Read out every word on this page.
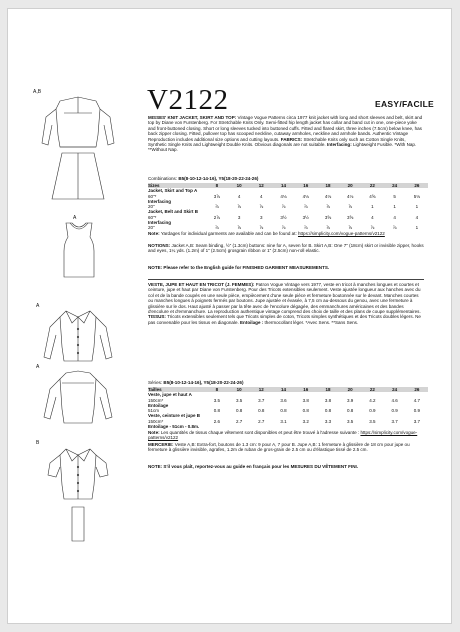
A,B
A
A
A
B
V2122	EASY/FACILE
MISSES' KNIT JACKET, SKIRT AND TOP: Vintage Vogue Patterns circa 1977 knit jacket with long and short sleeves and belt, skirt and top by Diane von Furstenberg. For Stretchable Knits Only. Semi-fitted hip length jacket has collar and band cut in one, one-piece yoke and front-buttoned closing. Short or long sleeves tucked into buttoned cuffs. Fitted and flared skirt, three inches (7.5cm) below knee, has back zipper closing. Fitted, pullover top has scooped neckline, cutaway armholes, neckline and armhole bands. Authentic Vintage Reproduction includes additional size options and cutting layouts. FABRICS: Stretchable Knits only such as Cotton Single Knits, Synthetic Single Knits and Lightweight Double Knits. Obvious diagonals are not suitable. Interfacing: Lightweight Fusible. *With Nap. **Without Nap.
Combinations: B5(8-10-12-14-16), Y5(18-20-22-24-26)
Sizes	8	10	12	14	16	18	20	22	24	26
Jacket, Skirt and Top A										
60"*	3⅞	4	4	4⅛	4⅛	4⅛	4⅛	4⅝	5	5⅛
Interfacing										
20"	⅞	⅞	⅞	⅞	⅞	⅞	⅞	1	1	1
Jacket, Belt and Skirt B										
60"*	2⅞	3	3	3½	3½	3⅝	3⅝	4	4	4
Interfacing										
20"	⅞	⅞	⅞	⅞	⅞	⅞	⅞	⅞	⅞	1
Note: Yardages for individual garments are available and can be found at: https://simplicity.com/vogue-patterns/v2122
NOTIONS: Jacket A,B: Seam binding, ½" (1.3cm) buttons: nine for A, seven for B. Skirt A,B: One 7" (18cm) skirt or invisible zipper, hooks and eyes, 1¼ yds. (1.2m) of 1" (2.5cm) grosgrain ribbon or 1" (2.5cm) non-roll elastic.
NOTE: Please refer to the English guide for FINISHED GARMENT MEASUREMENTS.
VESTE, JUPE ET HAUT EN TRICOT (J. FEMMES): Patron Vogue Vintage vers 1977, veste en tricot à manches longues et courtes et ceinture, jupe et haut par Diane von Furstenberg. Pour des Tricots extensibles seulement. Veste ajustée longueur aux hanches avec du col et de la bande coupés en une seule pièce, empiècement d'une seule pièce et fermeture boutonnée sur le devant. Manches courtes ou manches longues à poignets fermés par boutons. Jupe ajustée et évasée, à 7,5 cm au-dessous du genou, avec une fermeture à glissière sur le dos. Haut ajusté à passer par la tête avec de l'encolure dégagée, des emmanchures américaines et des bandes d'encolure et d'emmanchure. La reproduction authentique vintage comprend des choix de taille et des plans de coupe supplémentaires. TISSUS: Tricots extensibles seulement tels que Tricots simples de coton, Tricots simples synthétiques et des Tricots doubles légers. Ne pas convenable pour les tissus en diagonale. Entoilage : thermocollant léger. *Avec Sens. **Sans Sens.
Séries: B5(8-10-12-14-16), Y5(18-20-22-24-26)
Tailles	8	10	12	14	16	18	20	22	24	26
Veste, jupe et haut A										
150cm*	3.5	3.5	3.7	3.6	3.8	3.8	3.9	4.2	4.6	4.7
Entoilage										
51cm	0.8	0.8	0.8	0.8	0.8	0.8	0.8	0.9	0.9	0.9
Veste, ceinture et jupe B										
150cm*	2.6	2.7	2.7	3.1	3.2	3.3	3.5	3.5	3.7	3.7
Entoilage - 51cm - 0.8m.										
Note: Les quantités de tissus chaque vêtement sont disponibles et peut être trouvé à l'adresse suivante : https://simplicity.com/vogue-patterns/v2122
MERCERIE: Veste A,B: Extra-fort, boutons de 1.3 cm: 9 pour A, 7 pour B. Jupe A,B: 1 fermeture à glissière de 18 cm pour jupe ou fermeture à glissière invisible, agrafes, 1.2m de ruban de gros-grain de 2.5 cm ou d'élastique tissé de 2.5 cm.
NOTE: S'il vous plaît, reportez-vous au guide en français pour les MESURES DU VÊTEMENT FINI.
